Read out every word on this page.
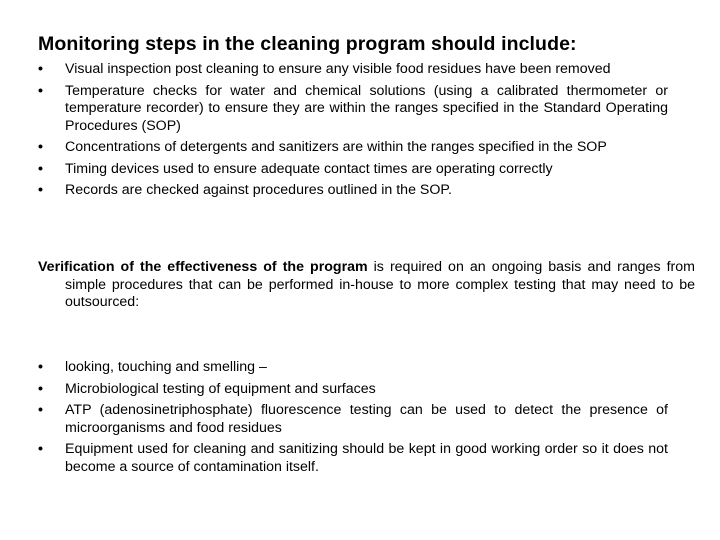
Monitoring steps in the cleaning program should include:
• Visual inspection post cleaning to ensure any visible food residues have been removed
• Temperature checks for water and chemical solutions (using a calibrated thermometer or temperature recorder) to ensure they are within the ranges specified in the Standard Operating Procedures (SOP)
• Concentrations of detergents and sanitizers are within the ranges specified in the SOP
• Timing devices used to ensure adequate contact times are operating correctly
• Records are checked against procedures outlined in the SOP.

Verification of the effectiveness of the program is required on an ongoing basis and ranges from simple procedures that can be performed in-house to more complex testing that may need to be outsourced:

• looking, touching and smelling –
• Microbiological testing of equipment and surfaces
• ATP (adenosinetriphosphate) fluorescence testing can be used to detect the presence of microorganisms and food residues
• Equipment used for cleaning and sanitizing should be kept in good working order so it does not become a source of contamination itself.
